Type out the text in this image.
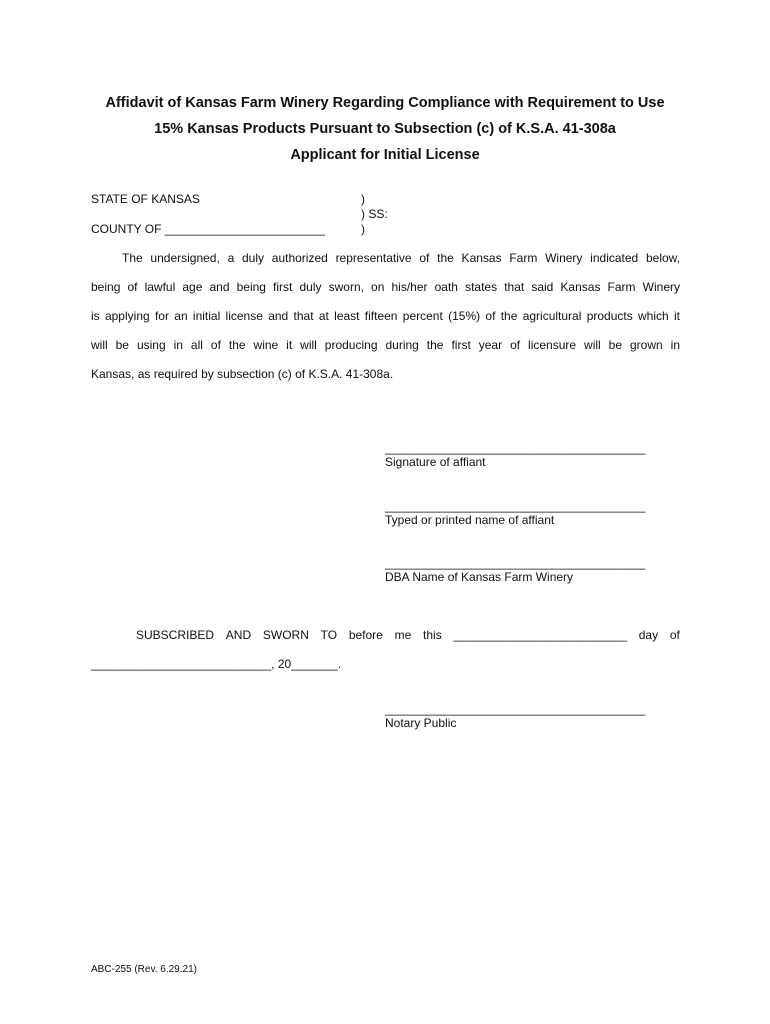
Affidavit of Kansas Farm Winery Regarding Compliance with Requirement to Use
15% Kansas Products Pursuant to Subsection (c) of K.S.A. 41-308a
Applicant for Initial License
STATE OF KANSAS
COUNTY OF ________________________
)
) SS:
)
The undersigned, a duly authorized representative of the Kansas Farm Winery indicated below,
being of lawful age and being first duly sworn, on his/her oath states that said Kansas Farm Winery
is applying for an initial license and that at least fifteen percent (15%) of the agricultural products which it
will be using in all of the wine it will producing during the first year of licensure will be grown in
Kansas, as required by subsection (c) of K.S.A. 41-308a.
_______________________________________
Signature of affiant
_______________________________________
Typed or printed name of affiant
_______________________________________
DBA Name of Kansas Farm Winery
SUBSCRIBED AND SWORN TO before me this __________________________ day of
___________________________, 20_______.
_______________________________________
Notary Public
ABC-255 (Rev. 6.29.21)
